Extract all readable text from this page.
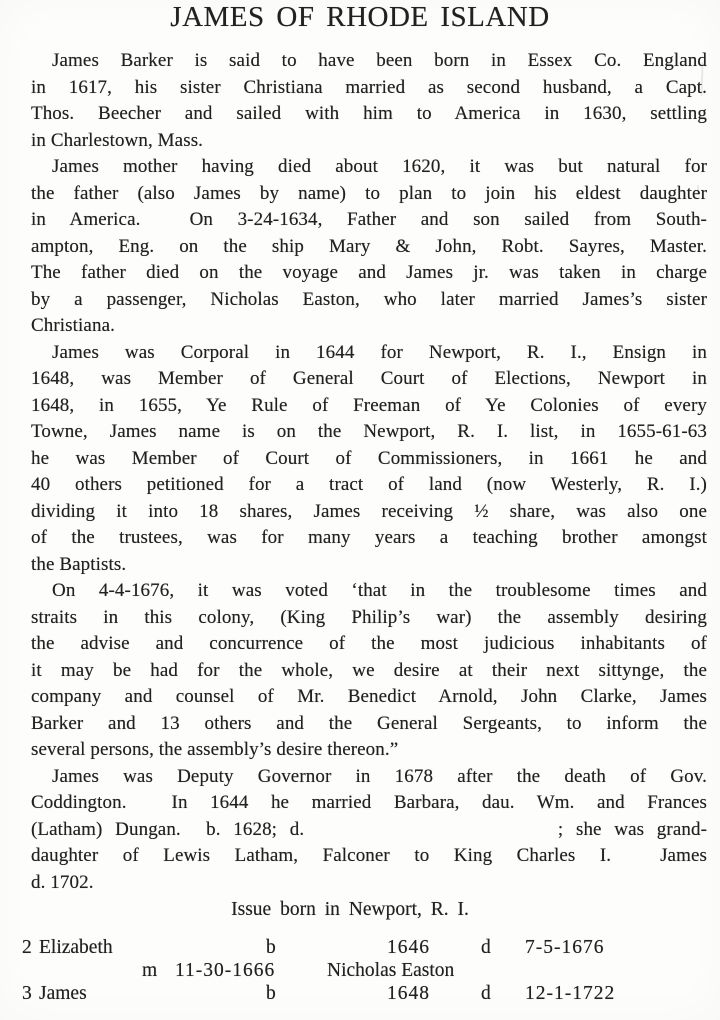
JAMES OF RHODE ISLAND
James Barker is said to have been born in Essex Co. England
in 1617, his sister Christiana married as second husband, a Capt.
Thos. Beecher and sailed with him to America in 1630, settling
in Charlestown, Mass.
James mother having died about 1620, it was but natural for
the father (also James by name) to plan to join his eldest daughter
in America.  On 3-24-1634, Father and son sailed from South-
ampton, Eng. on the ship Mary & John, Robt. Sayres, Master.
The father died on the voyage and James jr. was taken in charge
by a passenger, Nicholas Easton, who later married James’s sister
Christiana.
James was Corporal in 1644 for Newport, R. I., Ensign in
1648, was Member of General Court of Elections, Newport in
1648, in 1655, Ye Rule of Freeman of Ye Colonies of every
Towne, James name is on the Newport, R. I. list, in 1655-61-63
he was Member of Court of Commissioners, in 1661 he and
40 others petitioned for a tract of land (now Westerly, R. I.)
dividing it into 18 shares, James receiving ½ share, was also one
of the trustees, was for many years a teaching brother amongst
the Baptists.
On 4-4-1676, it was voted ‘that in the troublesome times and
straits in this colony, (King Philip’s war) the assembly desiring
the advise and concurrence of the most judicious inhabitants of
it may be had for the whole, we desire at their next sittynge, the
company and counsel of Mr. Benedict Arnold, John Clarke, James
Barker and 13 others and the General Sergeants, to inform the
several persons, the assembly’s desire thereon.”
James was Deputy Governor in 1678 after the death of Gov.
Coddington.  In 1644 he married Barbara, dau. Wm. and Frances
(Latham) Dungan.  b. 1628; d.                    ; she was grand-
daughter of Lewis Latham, Falconer to King Charles I.  James
d. 1702.
Issue born in Newport, R. I.
2 Elizabeth	b	1646	d 7-5-1676
m 11-30-1666	Nicholas Easton
3 James	b	1648	d 12-1-1722
